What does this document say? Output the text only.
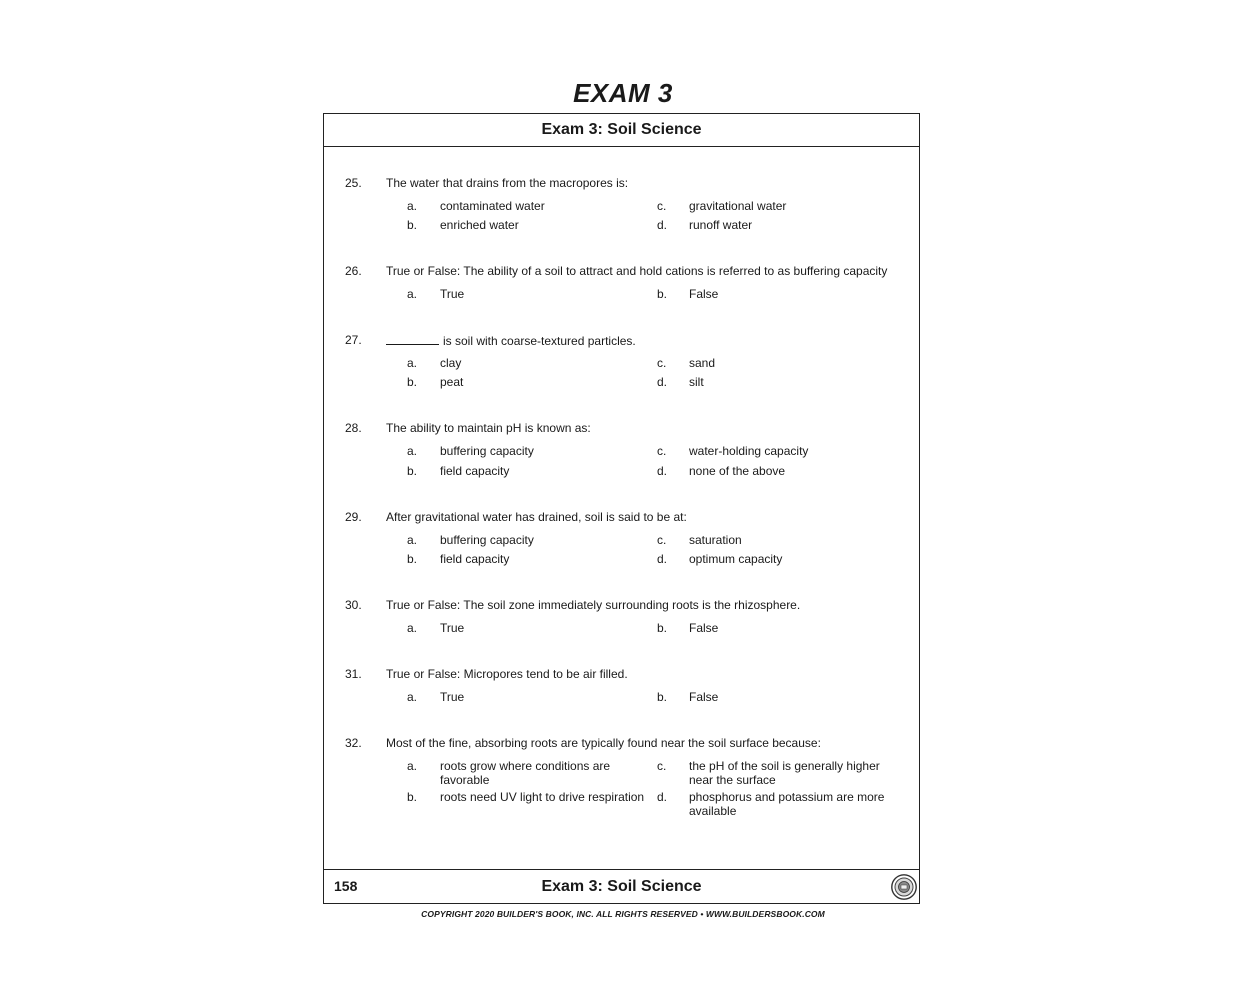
EXAM 3
Exam 3: Soil Science
158	Exam 3: Soil Science
25. The water that drains from the macropores is:
a. contaminated water
b. enriched water
c. gravitational water
d. runoff water
26. True or False: The ability of a soil to attract and hold cations is referred to as buffering capacity
a. True	b. False
27.	is soil with coarse-textured particles.
a. clay
b. peat
c. sand
d. silt
28. The ability to maintain pH is known as:
a. buffering capacity
b. field capacity
c. water-holding capacity
d. none of the above
29. After gravitational water has drained, soil is said to be at:
a. buffering capacity
b. field capacity
c. saturation
d. optimum capacity
30. True or False: The soil zone immediately surrounding roots is the rhizosphere.
a. True	b. False
31. True or False: Micropores tend to be air filled.
a. True	b. False
32. Most of the fine, absorbing roots are typically found near the soil surface because:
a. roots grow where conditions are favorable
b. roots need UV light to drive respiration
c. the pH of the soil is generally higher near the surface
d. phosphorus and potassium are more available
COPYRIGHT 2020 BUILDER'S BOOK, INC. ALL RIGHTS RESERVED • WWW.BUILDERSBOOK.COM
